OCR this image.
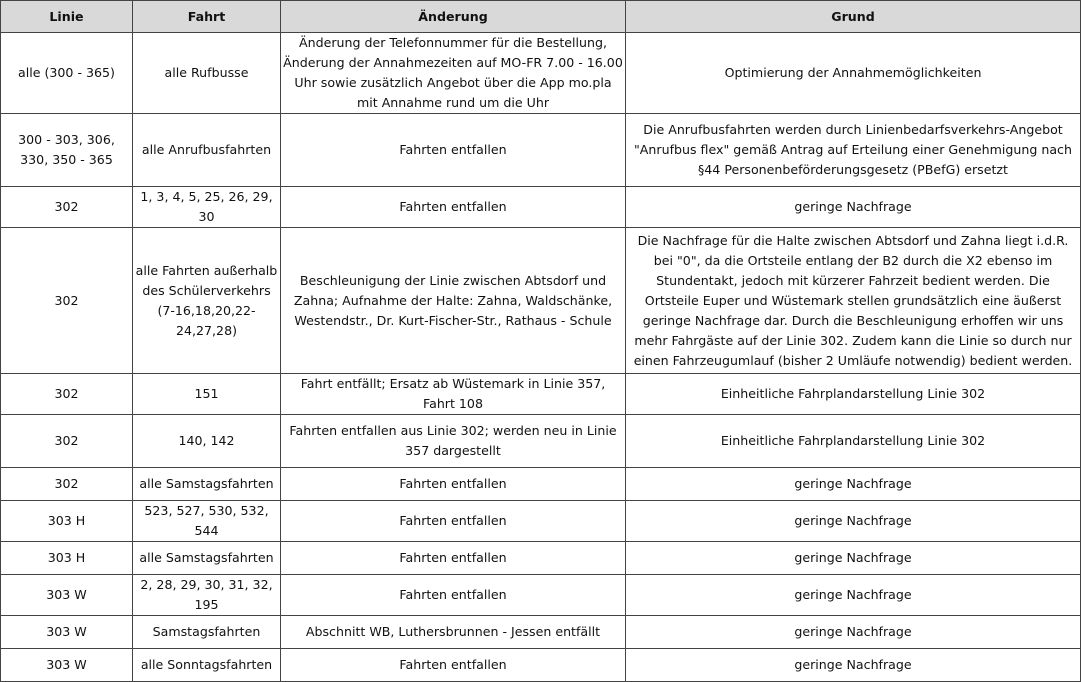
Linie	Fahrt	Änderung	Grund
alle (300 - 365)	alle Rufbusse	Änderung der Telefonnummer für die Bestellung, Änderung der Annahmezeiten auf MO-FR 7.00 - 16.00 Uhr sowie zusätzlich Angebot über die App mo.pla mit Annahme rund um die Uhr	Optimierung der Annahmemöglichkeiten
300 - 303, 306, 330, 350 - 365	alle Anrufbusfahrten	Fahrten entfallen	Die Anrufbusfahrten werden durch Linienbedarfsverkehrs-Angebot "Anrufbus flex" gemäß Antrag auf Erteilung einer Genehmigung nach §44 Personenbeförderungsgesetz (PBefG) ersetzt
302	1, 3, 4, 5, 25, 26, 29, 30	Fahrten entfallen	geringe Nachfrage
302	alle Fahrten außerhalb des Schülerverkehrs (7-16,18,20,22-24,27,28)	Beschleunigung der Linie zwischen Abtsdorf und Zahna; Aufnahme der Halte: Zahna, Waldschänke, Westendstr., Dr. Kurt-Fischer-Str., Rathaus - Schule	Die Nachfrage für die Halte zwischen Abtsdorf und Zahna liegt i.d.R. bei "0", da die Ortsteile entlang der B2 durch die X2 ebenso im Stundentakt, jedoch mit kürzerer Fahrzeit bedient werden. Die Ortsteile Euper und Wüstemark stellen grundsätzlich eine äußerst geringe Nachfrage dar. Durch die Beschleunigung erhoffen wir uns mehr Fahrgäste auf der Linie 302. Zudem kann die Linie so durch nur einen Fahrzeugumlauf (bisher 2 Umläufe notwendig) bedient werden.
302	151	Fahrt entfällt; Ersatz ab Wüstemark in Linie 357, Fahrt 108	Einheitliche Fahrplandarstellung Linie 302
302	140, 142	Fahrten entfallen aus Linie 302; werden neu in Linie 357 dargestellt	Einheitliche Fahrplandarstellung Linie 302
302	alle Samstagsfahrten	Fahrten entfallen	geringe Nachfrage
303 H	523, 527, 530, 532, 544	Fahrten entfallen	geringe Nachfrage
303 H	alle Samstagsfahrten	Fahrten entfallen	geringe Nachfrage
303 W	2, 28, 29, 30, 31, 32, 195	Fahrten entfallen	geringe Nachfrage
303 W	Samstagsfahrten	Abschnitt WB, Luthersbrunnen - Jessen entfällt	geringe Nachfrage
303 W	alle Sonntagsfahrten	Fahrten entfallen	geringe Nachfrage
